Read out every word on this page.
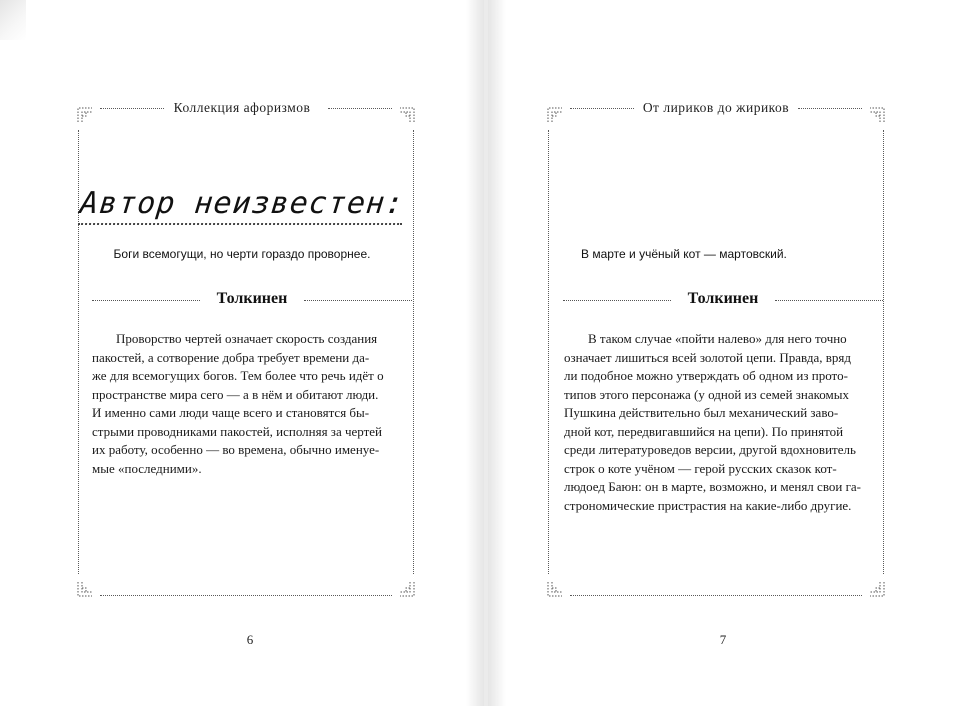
Коллекция афоризмов
Автор неизвестен:
Боги всемогущи, но черти гораздо проворнее.
Толкинен
Проворство чертей означает скорость создания
пакостей, а сотворение добра требует времени да-
же для всемогущих богов. Тем более что речь идёт о
пространстве мира сего — а в нём и обитают люди.
И именно сами люди чаще всего и становятся бы-
стрыми проводниками пакостей, исполняя за чертей
их работу, особенно — во времена, обычно именуе-
мые «последними».
6
От лириков до жириков
В марте и учёный кот — мартовский.
Толкинен
В таком случае «пойти налево» для него точно
означает лишиться всей золотой цепи. Правда, вряд
ли подобное можно утверждать об одном из прото-
типов этого персонажа (у одной из семей знакомых
Пушкина действительно был механический заво-
дной кот, передвигавшийся на цепи). По принятой
среди литературоведов версии, другой вдохновитель
строк о коте учёном — герой русских сказок кот-
людоед Баюн: он в марте, возможно, и менял свои га-
строномические пристрастия на какие-либо другие.
7
